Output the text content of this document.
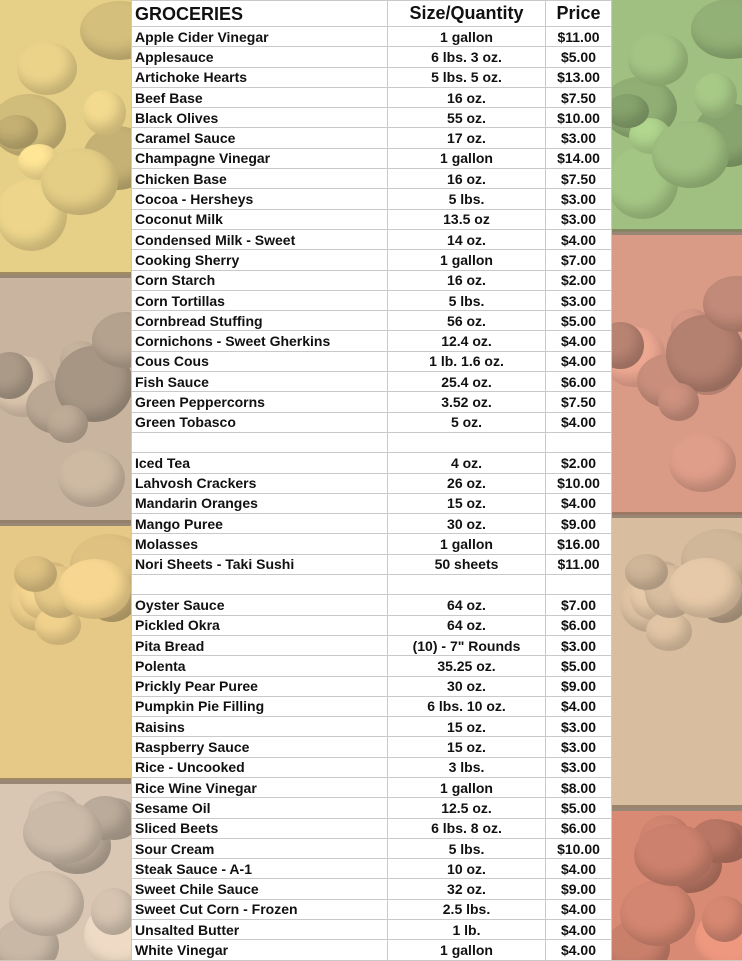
GROCERIES	Size/Quantity	Price
Apple Cider Vinegar	1 gallon	$11.00
Applesauce	6 lbs. 3 oz.	$5.00
Artichoke Hearts	5 lbs. 5 oz.	$13.00
Beef Base	16 oz.	$7.50
Black Olives	55 oz.	$10.00
Caramel Sauce	17 oz.	$3.00
Champagne Vinegar	1 gallon	$14.00
Chicken Base	16 oz.	$7.50
Cocoa - Hersheys	5 lbs.	$3.00
Coconut Milk	13.5 oz	$3.00
Condensed Milk - Sweet	14 oz.	$4.00
Cooking Sherry	1 gallon	$7.00
Corn Starch	16 oz.	$2.00
Corn Tortillas	5 lbs.	$3.00
Cornbread Stuffing	56 oz.	$5.00
Cornichons - Sweet Gherkins	12.4 oz.	$4.00
Cous Cous	1 lb. 1.6 oz.	$4.00
Fish Sauce	25.4 oz.	$6.00
Green Peppercorns	3.52 oz.	$7.50
Green Tobasco	5 oz.	$4.00

Iced Tea	4 oz.	$2.00
Lahvosh Crackers	26 oz.	$10.00
Mandarin Oranges	15 oz.	$4.00
Mango Puree	30 oz.	$9.00
Molasses	1 gallon	$16.00
Nori Sheets - Taki Sushi	50 sheets	$11.00

Oyster Sauce	64 oz.	$7.00
Pickled Okra	64 oz.	$6.00
Pita Bread	(10) - 7" Rounds	$3.00
Polenta	35.25 oz.	$5.00
Prickly Pear Puree	30 oz.	$9.00
Pumpkin Pie Filling	6 lbs. 10 oz.	$4.00
Raisins	15 oz.	$3.00
Raspberry Sauce	15 oz.	$3.00
Rice - Uncooked	3 lbs.	$3.00
Rice Wine Vinegar	1 gallon	$8.00
Sesame Oil	12.5 oz.	$5.00
Sliced Beets	6 lbs. 8 oz.	$6.00
Sour Cream	5 lbs.	$10.00
Steak Sauce - A-1	10 oz.	$4.00
Sweet Chile Sauce	32 oz.	$9.00
Sweet Cut Corn - Frozen	2.5 lbs.	$4.00
Unsalted Butter	1 lb.	$4.00
White Vinegar	1 gallon	$4.00
